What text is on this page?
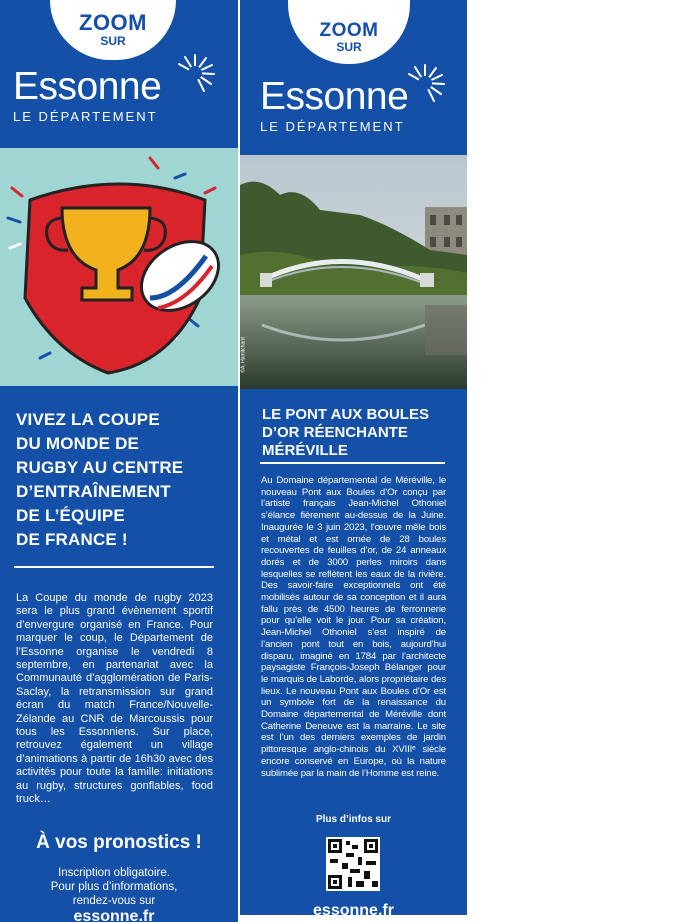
ZOOM
SUR
Essonne
LE DÉPARTEMENT
VIVEZ LA COUPE
DU MONDE DE
RUGBY AU CENTRE
D’ENTRAÎNEMENT
DE L’ÉQUIPE
DE FRANCE !
La Coupe du monde de rugby 2023 sera le plus grand évènement sportif d’envergure organisé en France. Pour marquer le coup, le Département de l’Essonne organise le vendredi 8 septembre, en partenariat avec la Communauté d’agglomération de Paris-Saclay, la retransmission sur grand écran du match France/Nouvelle-Zélande au CNR de Marcoussis pour tous les Essonniens. Sur place, retrouvez également un village d’animations à partir de 16h30 avec des activités pour toute la famille: initiations au rugby, structures gonflables, food truck…
À vos pronostics !
Inscription obligatoire.
Pour plus d’informations,
rendez-vous sur
essonne.fr
ZOOM
SUR
Essonne
LE DÉPARTEMENT
©A. Hamitchard
LE PONT AUX BOULES
D’OR RÉENCHANTE
MÉRÉVILLE
Au Domaine départemental de Méréville, le nouveau Pont aux Boules d’Or conçu par l’artiste français Jean-Michel Othoniel s’élance fièrement au-dessus de la Juine. Inaugurée le 3 juin 2023, l’œuvre mêle bois et métal et est ornée de 28 boules recouvertes de feuilles d’or, de 24 anneaux dorés et de 3000 perles miroirs dans lesquelles se reflètent les eaux de la rivière. Des savoir-faire exceptionnels ont été mobilisés autour de sa conception et il aura fallu près de 4500 heures de ferronnerie pour qu’elle voit le jour. Pour sa création, Jean-Michel Othoniel s’est inspiré de l’ancien pont tout en bois, aujourd’hui disparu, imaginé en 1784 par l’architecte paysagiste François-Joseph Bélanger pour le marquis de Laborde, alors propriétaire des lieux. Le nouveau Pont aux Boules d’Or est un symbole fort de la renaissance du Domaine départemental de Méréville dont Catherine Deneuve est la marraine. Le site est l’un des derniers exemples de jardin pittoresque anglo-chinois du XVIIIᵉ siècle encore conservé en Europe, où la nature sublimée par la main de l’Homme est reine.
Plus d’infos sur
essonne.fr
